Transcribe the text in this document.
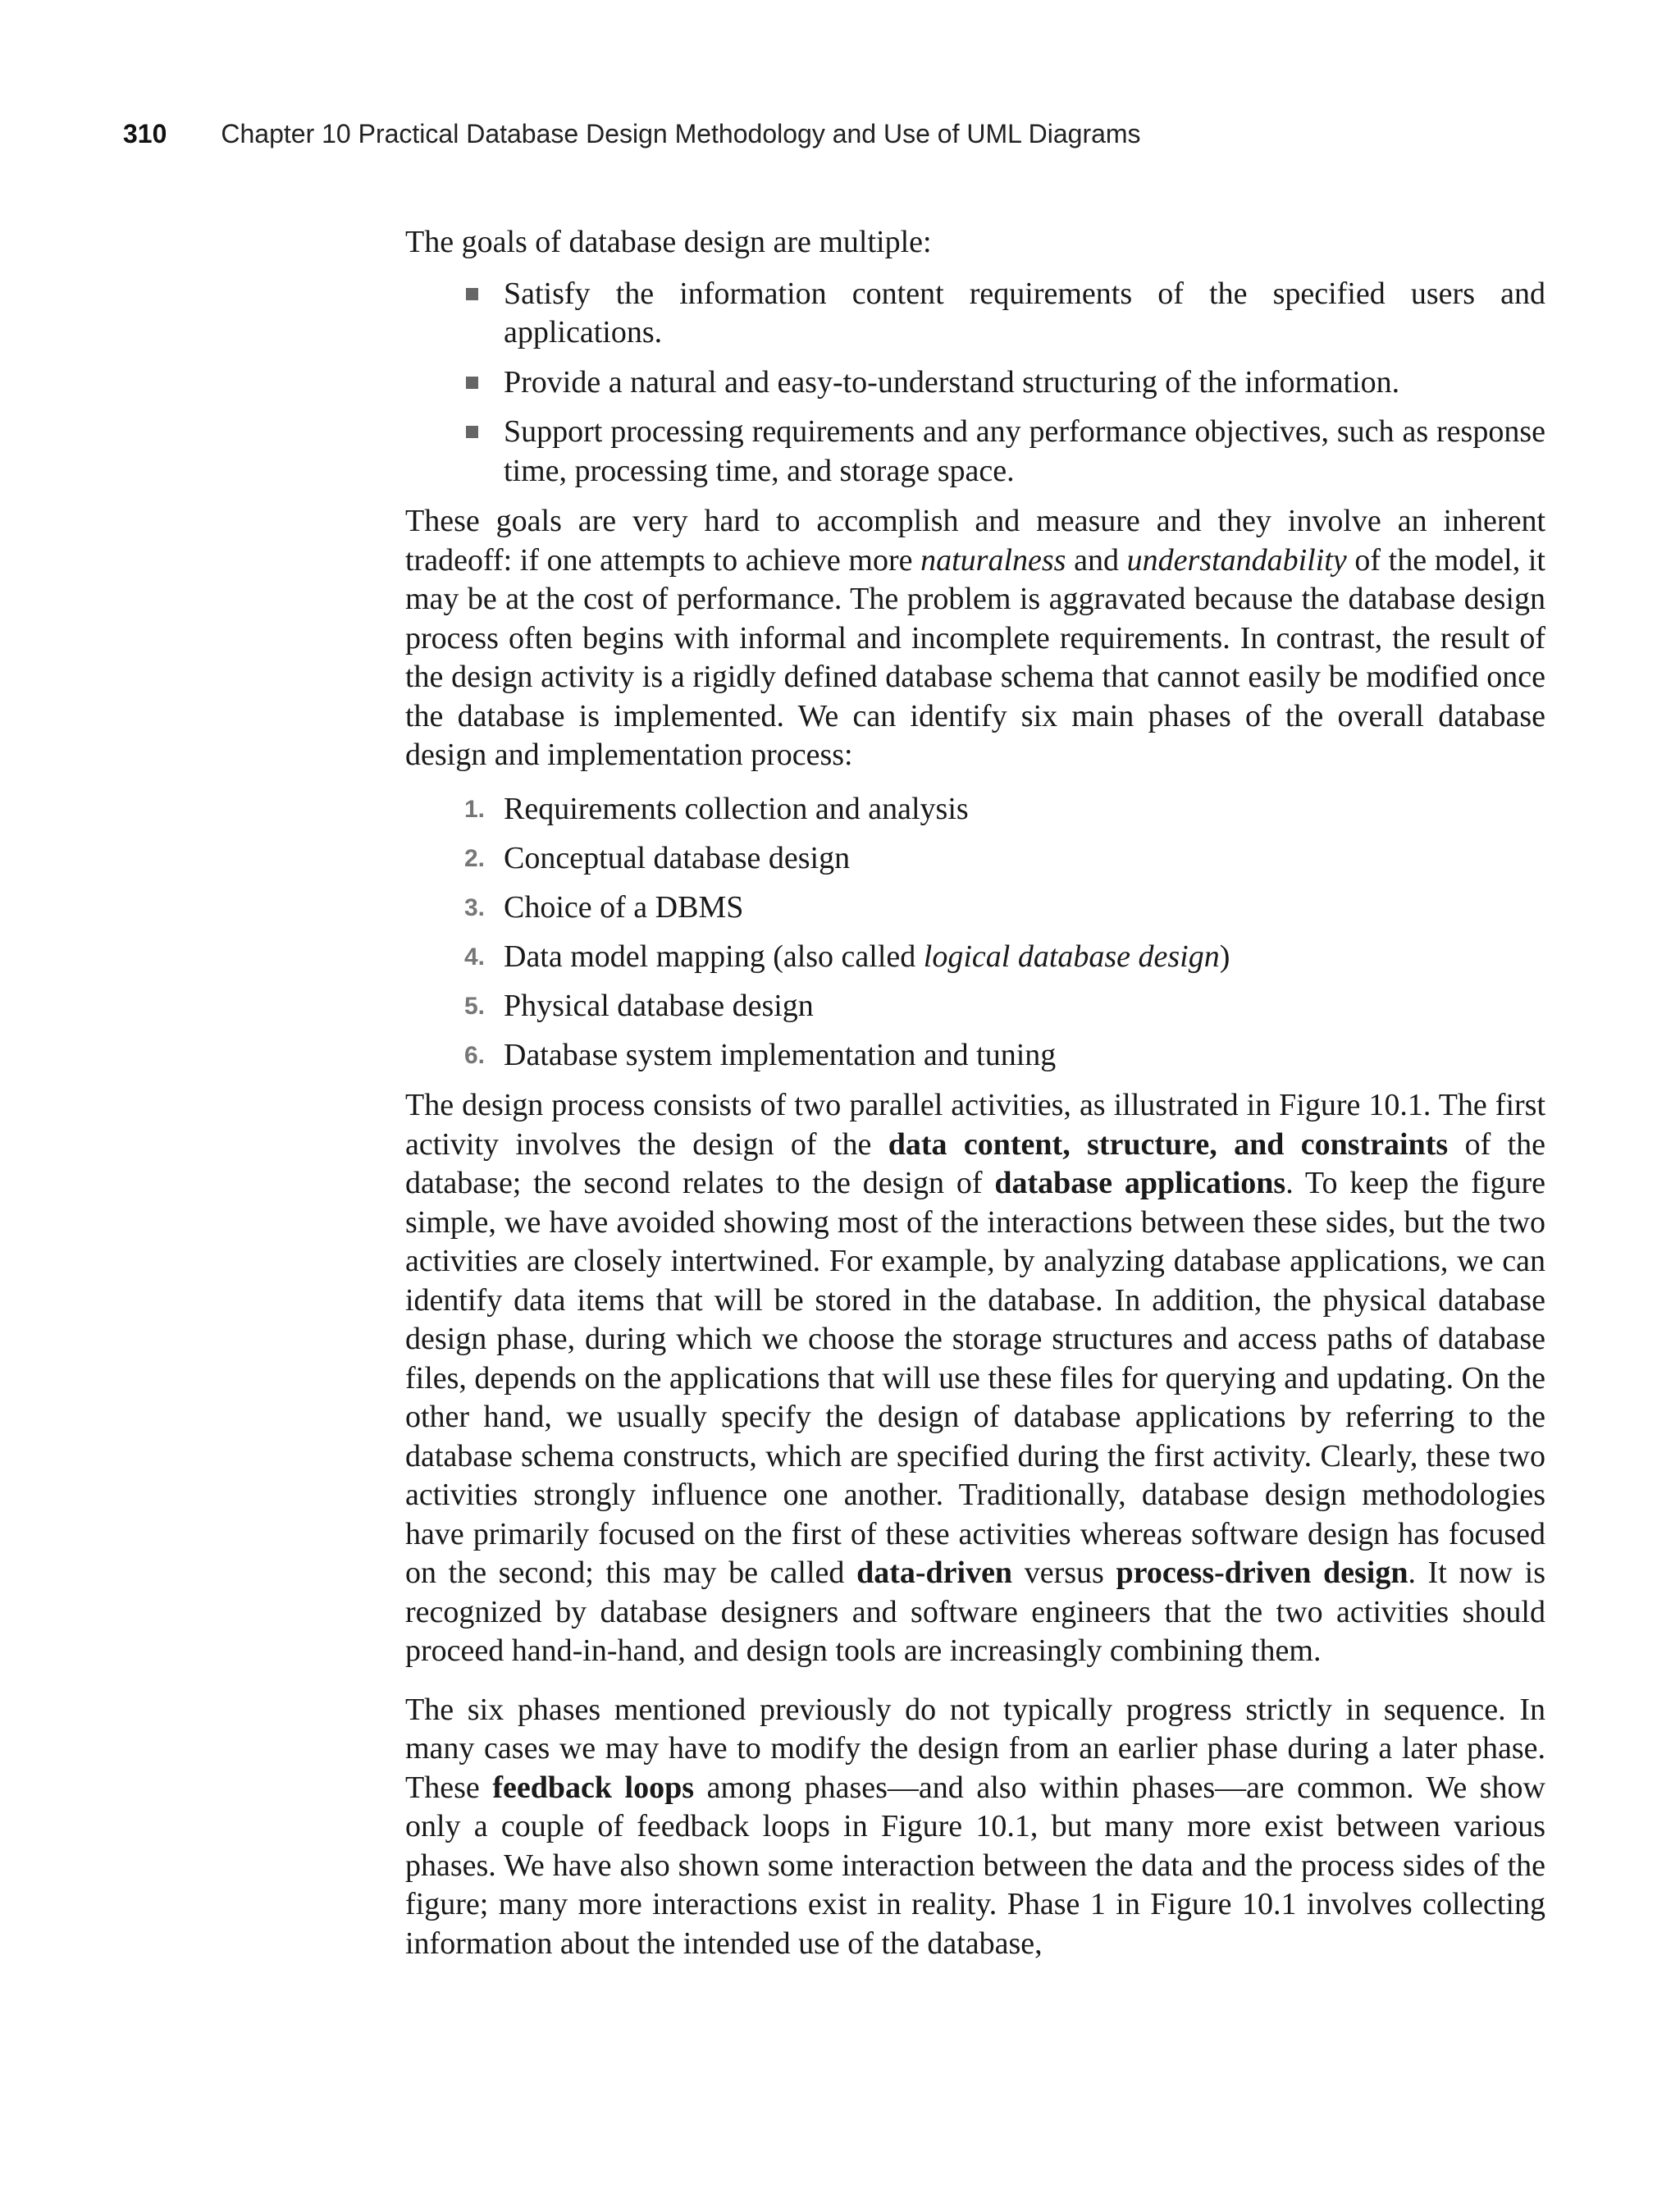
310 Chapter 10 Practical Database Design Methodology and Use of UML Diagrams

The goals of database design are multiple:

Satisfy the information content requirements of the specified users and applications.
Provide a natural and easy-to-understand structuring of the information.
Support processing requirements and any performance objectives, such as response time, processing time, and storage space.

These goals are very hard to accomplish and measure and they involve an inherent tradeoff: if one attempts to achieve more naturalness and understandability of the model, it may be at the cost of performance. The problem is aggravated because the database design process often begins with informal and incomplete requirements. In contrast, the result of the design activity is a rigidly defined database schema that cannot easily be modified once the database is implemented. We can identify six main phases of the overall database design and implementation process:

1. Requirements collection and analysis
2. Conceptual database design
3. Choice of a DBMS
4. Data model mapping (also called logical database design)
5. Physical database design
6. Database system implementation and tuning

The design process consists of two parallel activities, as illustrated in Figure 10.1. The first activity involves the design of the data content, structure, and constraints of the database; the second relates to the design of database applications. To keep the figure simple, we have avoided showing most of the interactions between these sides, but the two activities are closely intertwined. For example, by analyzing database applications, we can identify data items that will be stored in the database. In addition, the physical database design phase, during which we choose the storage structures and access paths of database files, depends on the applications that will use these files for querying and updating. On the other hand, we usually specify the design of database applications by referring to the database schema constructs, which are specified during the first activity. Clearly, these two activities strongly influence one another. Traditionally, database design methodologies have primarily focused on the first of these activities whereas software design has focused on the second; this may be called data-driven versus process-driven design. It now is recognized by database designers and software engineers that the two activities should proceed hand-in-hand, and design tools are increasingly combining them.

The six phases mentioned previously do not typically progress strictly in sequence. In many cases we may have to modify the design from an earlier phase during a later phase. These feedback loops among phases—and also within phases—are common. We show only a couple of feedback loops in Figure 10.1, but many more exist between various phases. We have also shown some interaction between the data and the process sides of the figure; many more interactions exist in reality. Phase 1 in Figure 10.1 involves collecting information about the intended use of the database,
